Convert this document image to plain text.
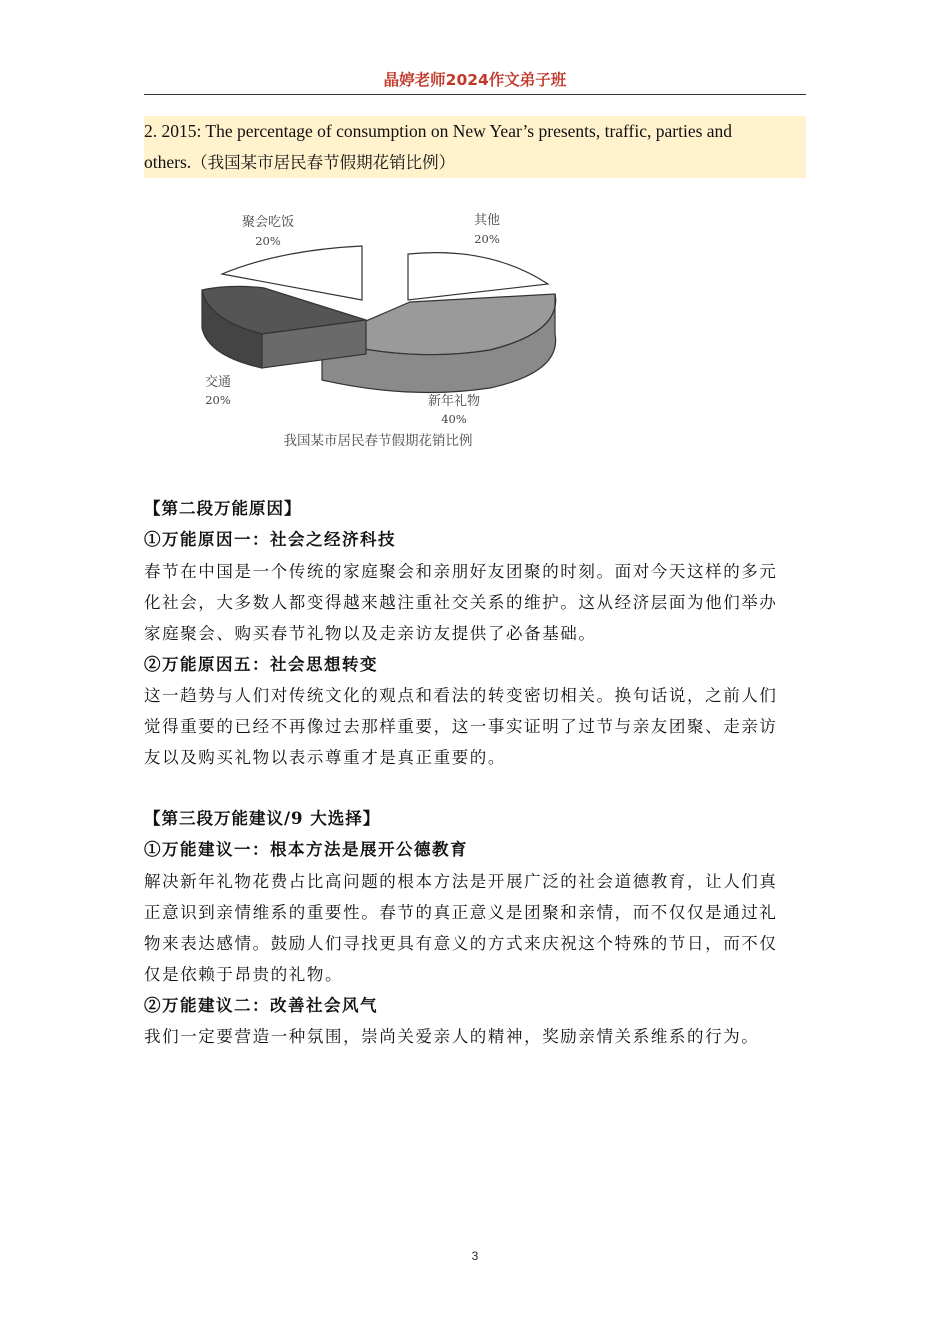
晶婷老师2024作文弟子班
2. 2015: The percentage of consumption on New Year’s presents, traffic, parties and
others.（我国某市居民春节假期花销比例）
聚会吃饭
20%
其他
20%
交通
20%	新年礼物
40%
我国某市居民春节假期花销比例
【第二段万能原因】
①万能原因一：社会之经济科技
春节在中国是一个传统的家庭聚会和亲朋好友团聚的时刻。面对今天这样的多元
化社会，大多数人都变得越来越注重社交关系的维护。这从经济层面为他们举办
家庭聚会、购买春节礼物以及走亲访友提供了必备基础。
②万能原因五：社会思想转变
这一趋势与人们对传统文化的观点和看法的转变密切相关。换句话说，之前人们
觉得重要的已经不再像过去那样重要，这一事实证明了过节与亲友团聚、走亲访
友以及购买礼物以表示尊重才是真正重要的。
【第三段万能建议/9 大选择】
①万能建议一：根本方法是展开公德教育
解决新年礼物花费占比高问题的根本方法是开展广泛的社会道德教育，让人们真
正意识到亲情维系的重要性。春节的真正意义是团聚和亲情，而不仅仅是通过礼
物来表达感情。鼓励人们寻找更具有意义的方式来庆祝这个特殊的节日，而不仅
仅是依赖于昂贵的礼物。
②万能建议二：改善社会风气
我们一定要营造一种氛围，崇尚关爱亲人的精神，奖励亲情关系维系的行为。
3
